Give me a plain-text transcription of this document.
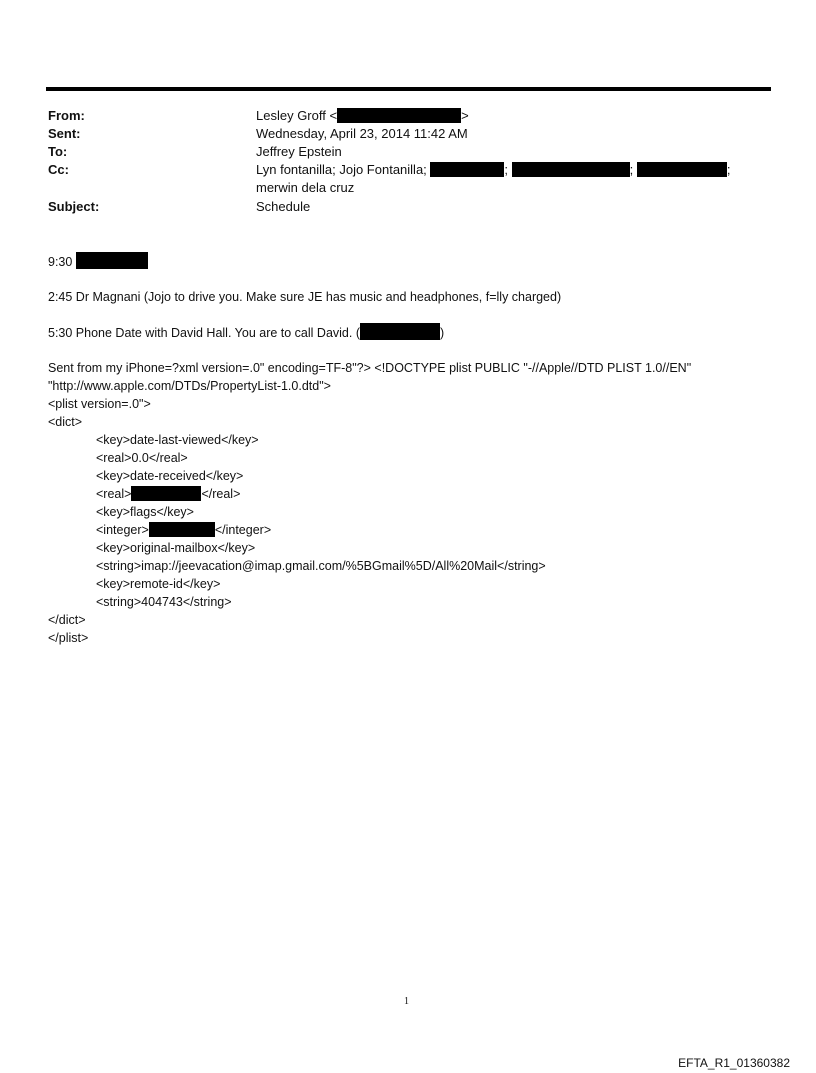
From:	Lesley Groff <	>
Sent:	Wednesday, April 23, 2014 11:42 AM
To:	Jeffrey Epstein
Cc:	Lyn fontanilla; Jojo Fontanilla;	;	;	;
merwin dela cruz
Subject:	Schedule
9:30
2:45 Dr Magnani (Jojo to drive you. Make sure JE has music and headphones, f=lly charged)
5:30 Phone Date with David Hall. You are to call David. (	)
Sent from my iPhone=?xml version=.0" encoding=TF-8"?> <!DOCTYPE plist PUBLIC "-//Apple//DTD PLIST 1.0//EN"
"http://www.apple.com/DTDs/PropertyList-1.0.dtd">
<plist version=.0">
<dict>
<key>date-last-viewed</key>
<real>0.0</real>
<key>date-received</key>
<real>	</real>
<key>flags</key>
<integer>	</integer>
<key>original-mailbox</key>
<string>imap://jeevacation@imap.gmail.com/%5BGmail%5D/All%20Mail</string>
<key>remote-id</key>
<string>404743</string>
</dict>
</plist>
1
EFTA_R1_01360382
